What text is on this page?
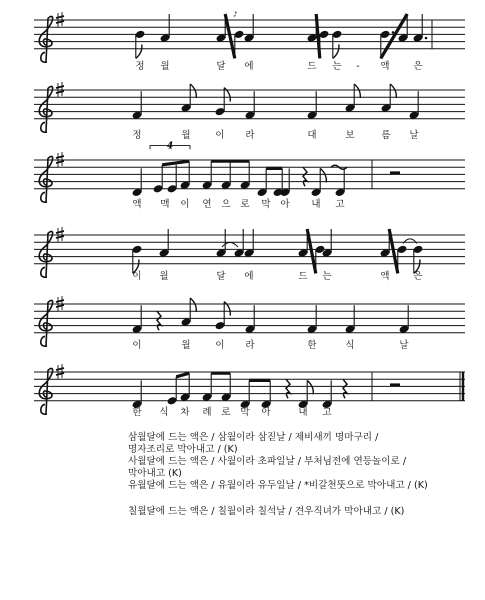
♪
4
삼월달에 드는 액은 / 삼월이라 삼짇날 / 제비새끼 명마구리 /
명자조리로 막아내고 / (K)
사월달에 드는 액은 / 사월이라 초파일날 / 부처님전에 연등놀이로 /
막아내고 (K)
유월달에 드는 액은 / 유월이라 유두일날 / *비갈천뚯으로 막아내고 / (K)
칠월달에 드는 액은 / 칠월이라 칠석날 / 견우직녀가 막아내고 / (K)
정 월	달 에	드 는 - 액	은
정	월	이 라	대	보	름 날
액 맥 이 연 으 로 막 아 내 고
이 월	달 에	드 는	액	은
이	월	이 라	한	식	날
한 식 차 례 로 막 아	내 고
